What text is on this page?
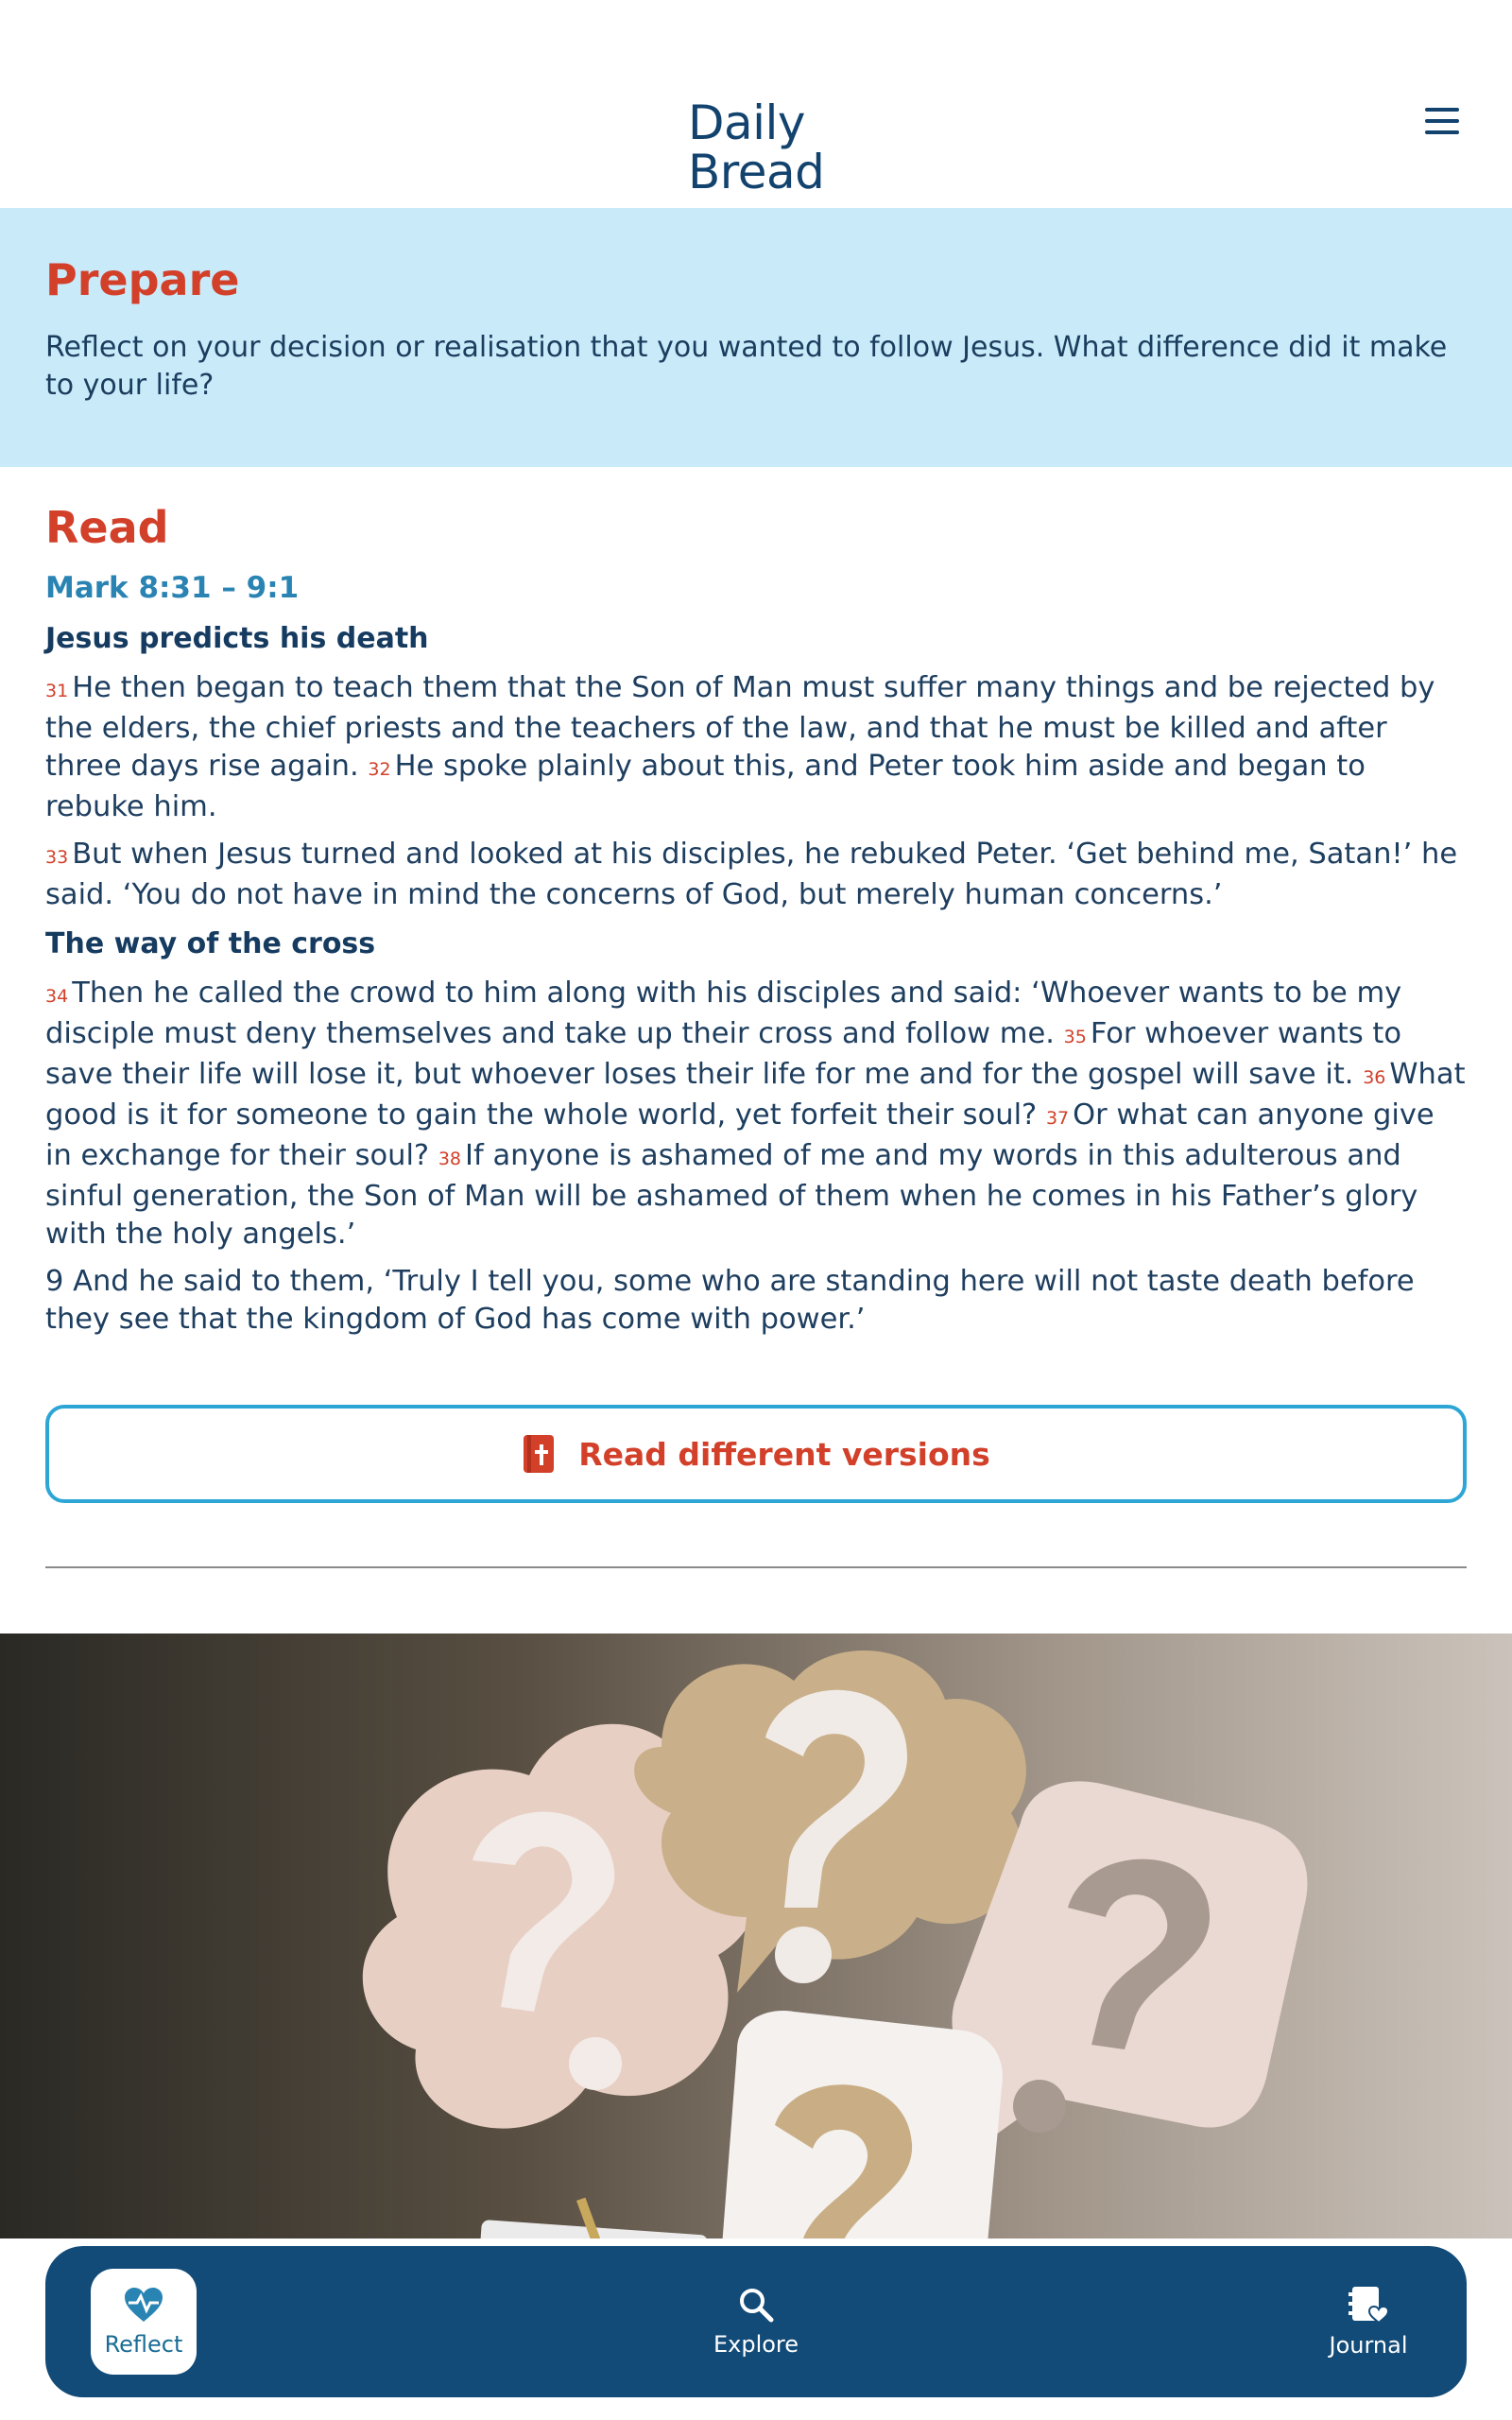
Daily
Bread
Prepare

Reflect on your decision or realisation that you wanted to follow Jesus. What difference did it make to your life?

Read
Mark 8:31 – 9:1
Jesus predicts his death

31 He then began to teach them that the Son of Man must suffer many things and be rejected by the elders, the chief priests and the teachers of the law, and that he must be killed and after three days rise again. 32 He spoke plainly about this, and Peter took him aside and began to rebuke him.

33 But when Jesus turned and looked at his disciples, he rebuked Peter. ‘Get behind me, Satan!’ he said. ‘You do not have in mind the concerns of God, but merely human concerns.’

The way of the cross

34 Then he called the crowd to him along with his disciples and said: ‘Whoever wants to be my disciple must deny themselves and take up their cross and follow me. 35 For whoever wants to save their life will lose it, but whoever loses their life for me and for the gospel will save it. 36 What good is it for someone to gain the whole world, yet forfeit their soul? 37 Or what can anyone give in exchange for their soul? 38 If anyone is ashamed of me and my words in this adulterous and sinful generation, the Son of Man will be ashamed of them when he comes in his Father’s glory with the holy angels.’

9 And he said to them, ‘Truly I tell you, some who are standing here will not taste death before they see that the kingdom of God has come with power.’

Read different versions
Reflect	Explore	Journal
